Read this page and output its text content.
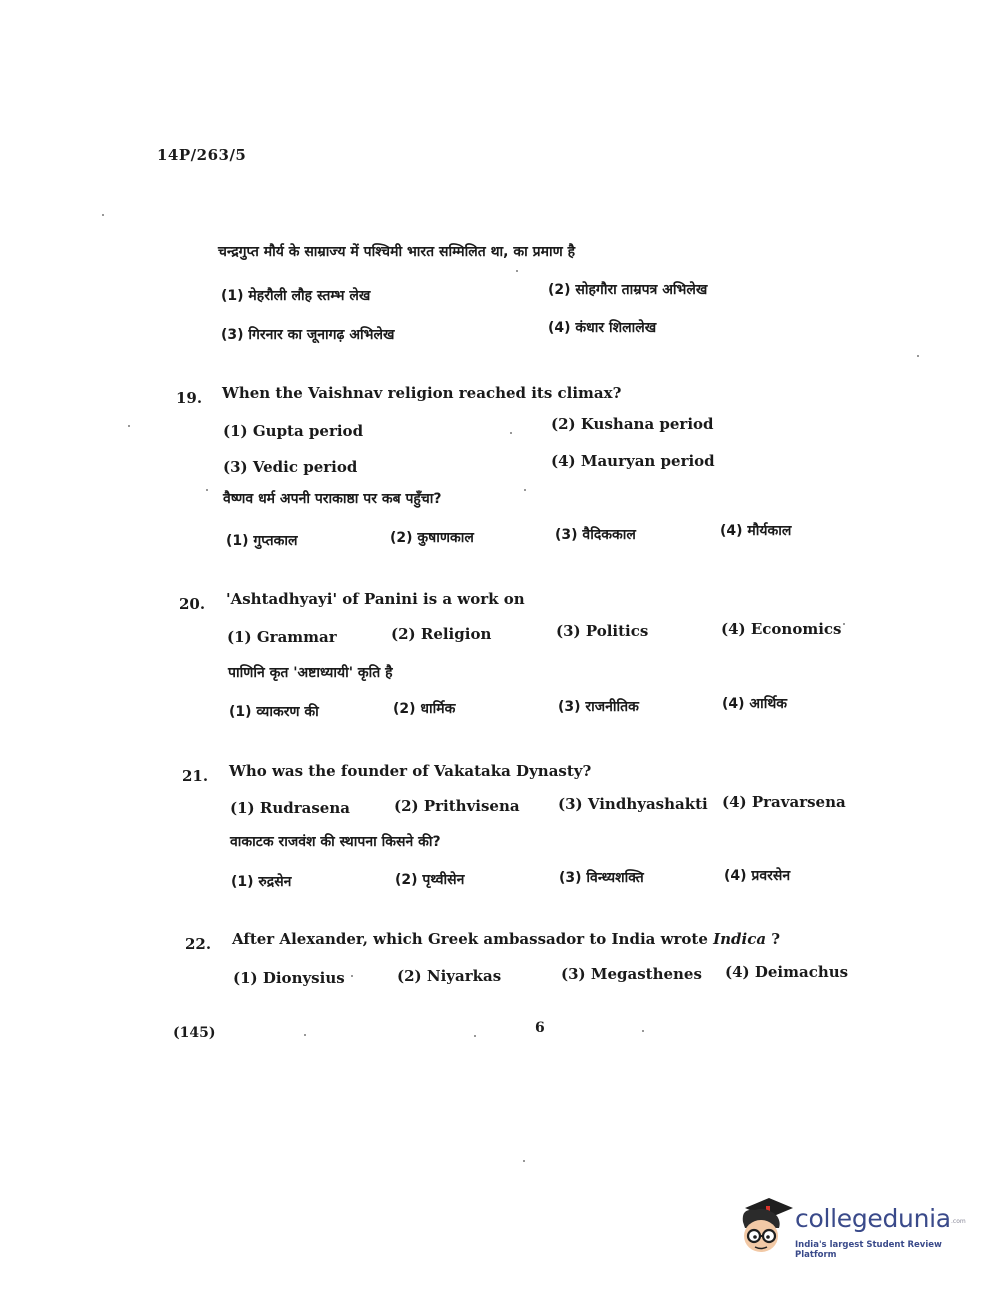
14P/263/5
चन्द्रगुप्त मौर्य के साम्राज्य में पश्चिमी भारत सम्मिलित था, का प्रमाण है
(1) मेहरौली लौह स्तम्भ लेख	(2) सोहगौरा ताम्रपत्र अभिलेख
(3) गिरनार का जूनागढ़ अभिलेख	(4) कंधार शिलालेख
19. When the Vaishnav religion reached its climax?
(1) Gupta period	(2) Kushana period
(3) Vedic period	(4) Mauryan period
वैष्णव धर्म अपनी पराकाष्ठा पर कब पहुँचा?
(1) गुप्तकाल	(2) कुषाणकाल	(3) वैदिककाल	(4) मौर्यकाल
20. 'Ashtadhyayi' of Panini is a work on
(1) Grammar	(2) Religion	(3) Politics	(4) Economics
पाणिनि कृत 'अष्टाध्यायी' कृति है
(1) व्याकरण की	(2) धार्मिक	(3) राजनीतिक	(4) आर्थिक
21. Who was the founder of Vakataka Dynasty?
(1) Rudrasena	(2) Prithvisena	(3) Vindhyashakti (4) Pravarsena
वाकाटक राजवंश की स्थापना किसने की?
(1) रुद्रसेन	(2) पृथ्वीसेन	(3) विन्ध्यशक्ति	(4) प्रवरसेन
22. After Alexander, which Greek ambassador to India wrote Indica ?
(1) Dionysius	(2) Niyarkas	(3) Megasthenes (4) Deimachus
(145)	6
collegedunia .com
India's largest Student Review Platform
